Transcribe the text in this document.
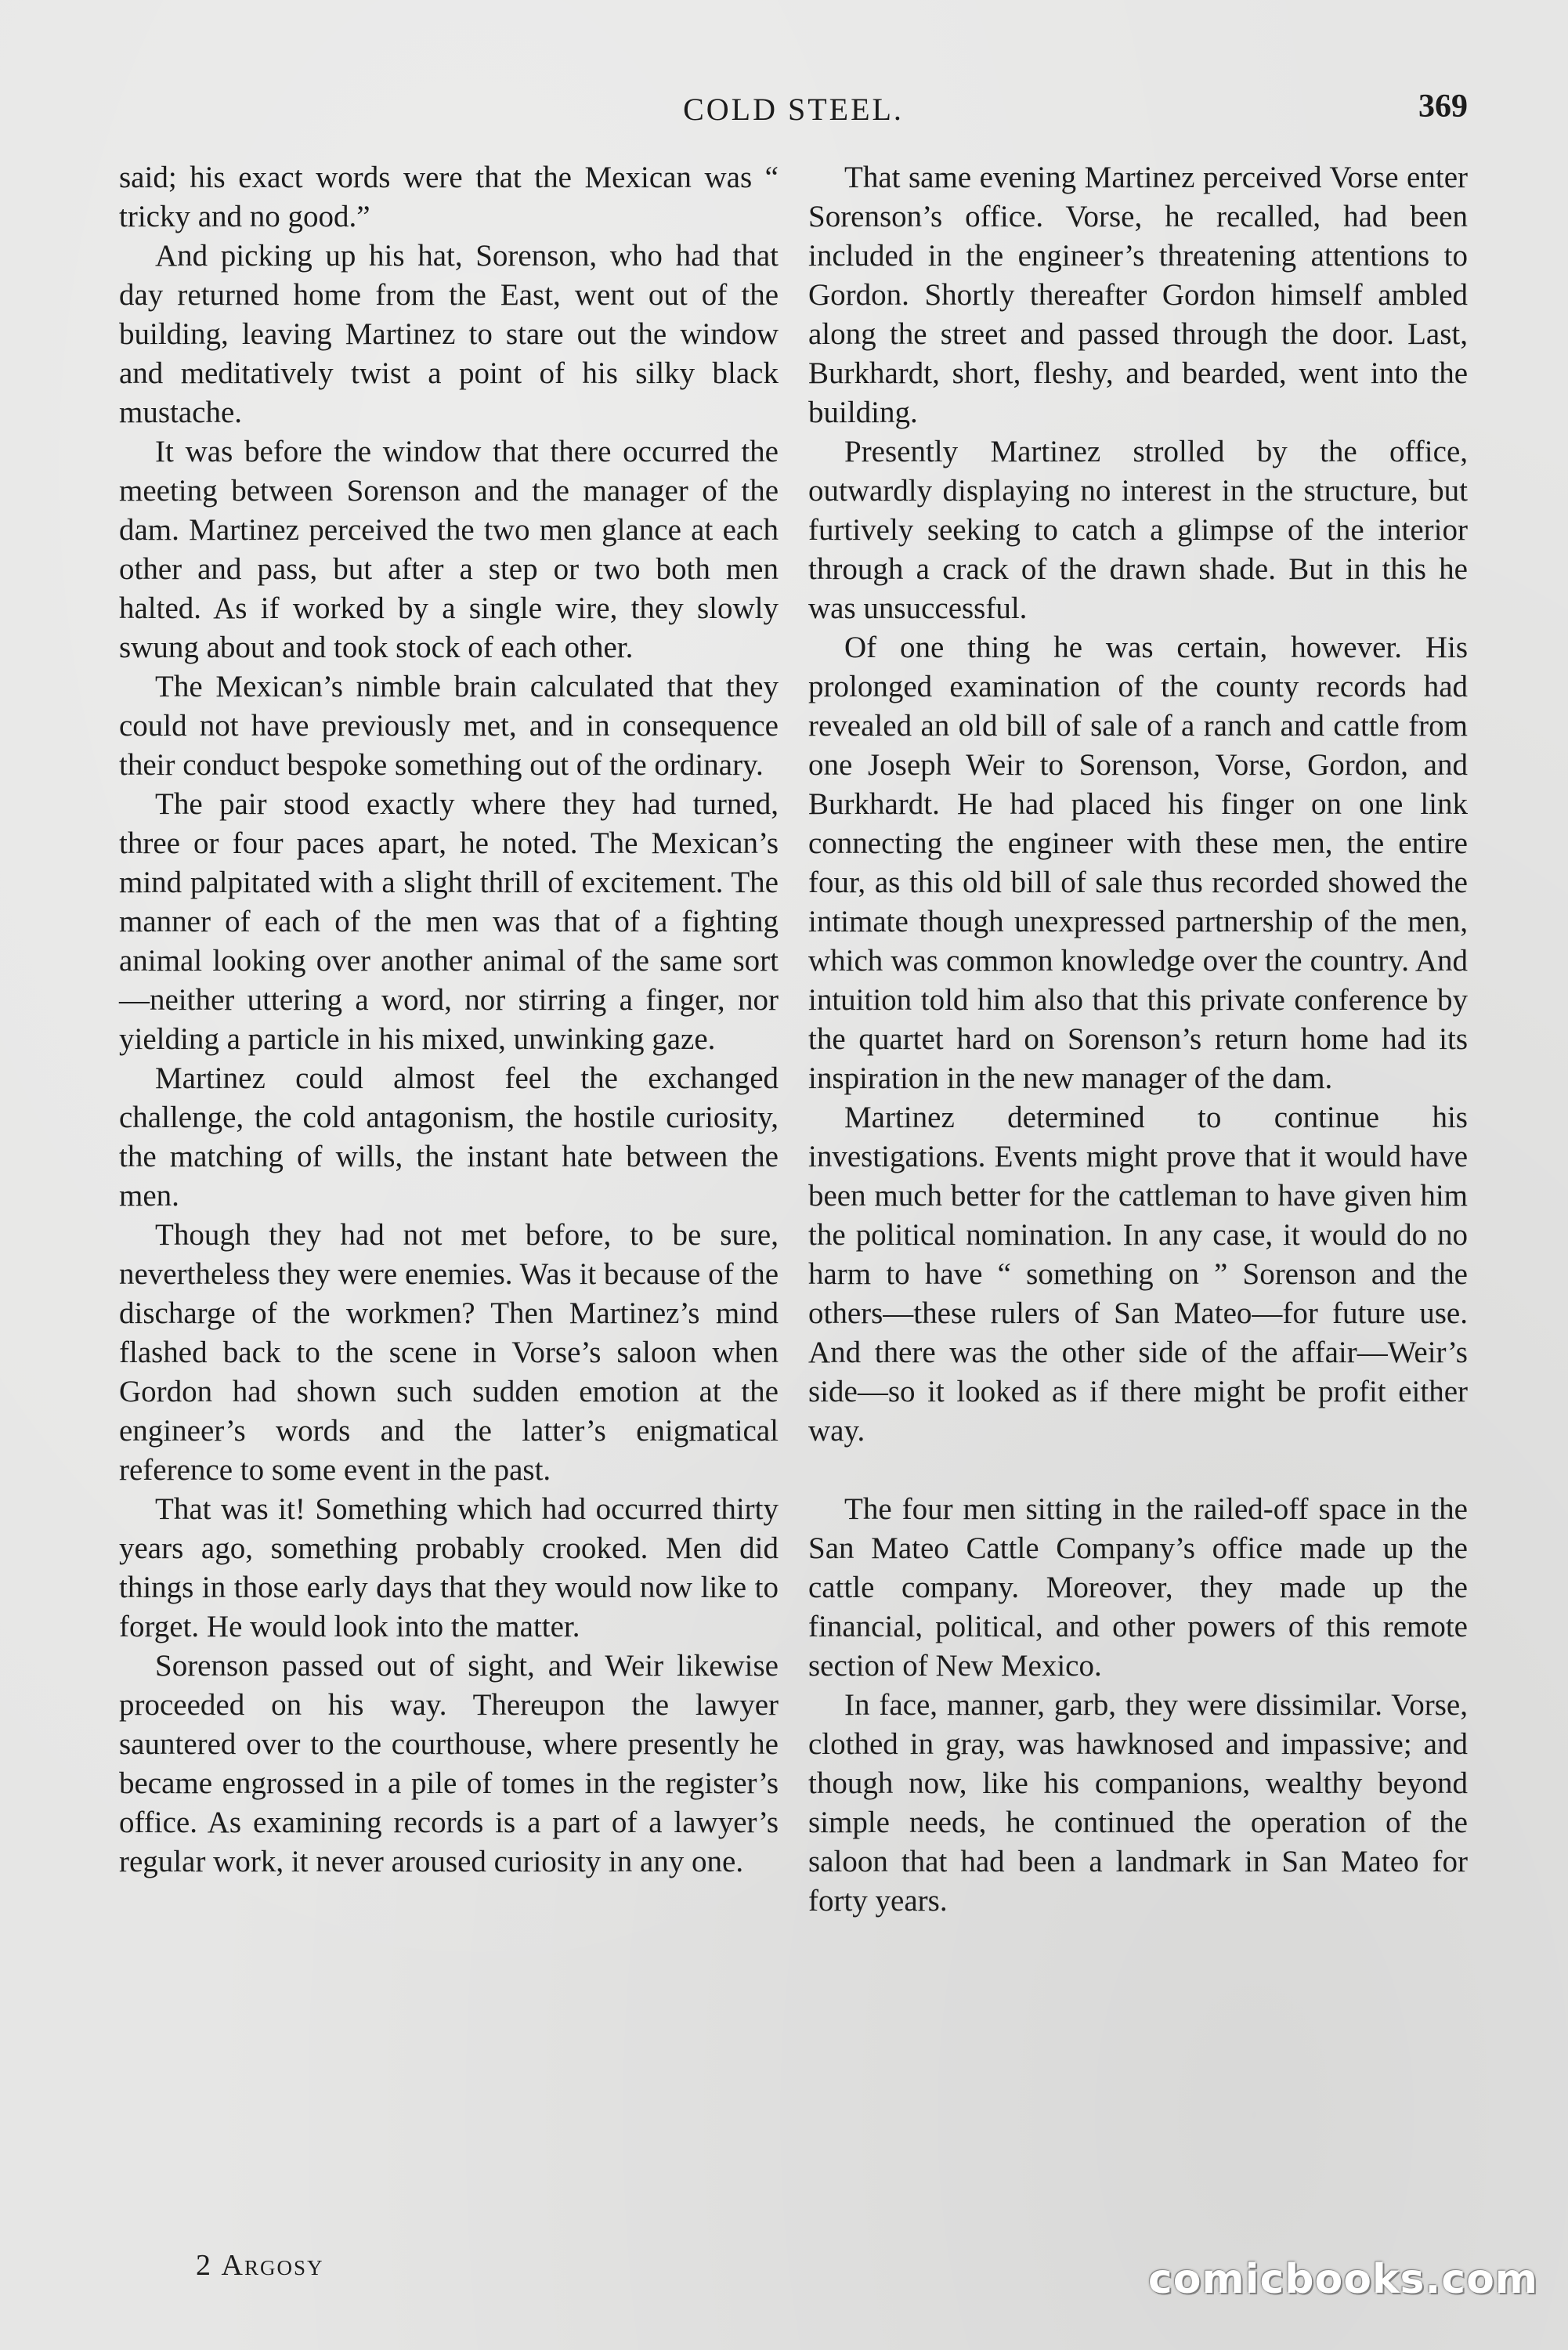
COLD STEEL.	369

said; his exact words were that the Mexican was “ tricky and no good.”

And picking up his hat, Sorenson, who had that day returned home from the East, went out of the building, leaving Martinez to stare out the window and meditatively twist a point of his silky black mustache.

It was before the window that there occurred the meeting between Sorenson and the manager of the dam. Martinez perceived the two men glance at each other and pass, but after a step or two both men halted. As if worked by a single wire, they slowly swung about and took stock of each other.

The Mexican’s nimble brain calculated that they could not have previously met, and in consequence their conduct bespoke something out of the ordinary.

The pair stood exactly where they had turned, three or four paces apart, he noted. The Mexican’s mind palpitated with a slight thrill of excitement. The manner of each of the men was that of a fighting animal looking over another animal of the same sort—neither uttering a word, nor stirring a finger, nor yielding a particle in his mixed, unwinking gaze.

Martinez could almost feel the exchanged challenge, the cold antagonism, the hostile curiosity, the matching of wills, the instant hate between the men.

Though they had not met before, to be sure, nevertheless they were enemies. Was it because of the discharge of the workmen? Then Martinez’s mind flashed back to the scene in Vorse’s saloon when Gordon had shown such sudden emotion at the engineer’s words and the latter’s enigmatical reference to some event in the past.

That was it! Something which had occurred thirty years ago, something probably crooked. Men did things in those early days that they would now like to forget. He would look into the matter.

Sorenson passed out of sight, and Weir likewise proceeded on his way. Thereupon the lawyer sauntered over to the courthouse, where presently he became engrossed in a pile of tomes in the register’s office. As examining records is a part of a lawyer’s regular work, it never aroused curiosity in any one.

That same evening Martinez perceived Vorse enter Sorenson’s office. Vorse, he recalled, had been included in the engineer’s threatening attentions to Gordon. Shortly thereafter Gordon himself ambled along the street and passed through the door. Last, Burkhardt, short, fleshy, and bearded, went into the building.

Presently Martinez strolled by the office, outwardly displaying no interest in the structure, but furtively seeking to catch a glimpse of the interior through a crack of the drawn shade. But in this he was unsuccessful.

Of one thing he was certain, however. His prolonged examination of the county records had revealed an old bill of sale of a ranch and cattle from one Joseph Weir to Sorenson, Vorse, Gordon, and Burkhardt. He had placed his finger on one link connecting the engineer with these men, the entire four, as this old bill of sale thus recorded showed the intimate though unexpressed partnership of the men, which was common knowledge over the country. And intuition told him also that this private conference by the quartet hard on Sorenson’s return home had its inspiration in the new manager of the dam.

Martinez determined to continue his investigations. Events might prove that it would have been much better for the cattleman to have given him the political nomination. In any case, it would do no harm to have “ something on ” Sorenson and the others—these rulers of San Mateo—for future use. And there was the other side of the affair—Weir’s side—so it looked as if there might be profit either way.

The four men sitting in the railed-off space in the San Mateo Cattle Company’s office made up the cattle company. Moreover, they made up the financial, political, and other powers of this remote section of New Mexico.

In face, manner, garb, they were dissimilar. Vorse, clothed in gray, was hawknosed and impassive; and though now, like his companions, wealthy beyond simple needs, he continued the operation of the saloon that had been a landmark in San Mateo for forty years.

2 Argosy	comicbooks.com
